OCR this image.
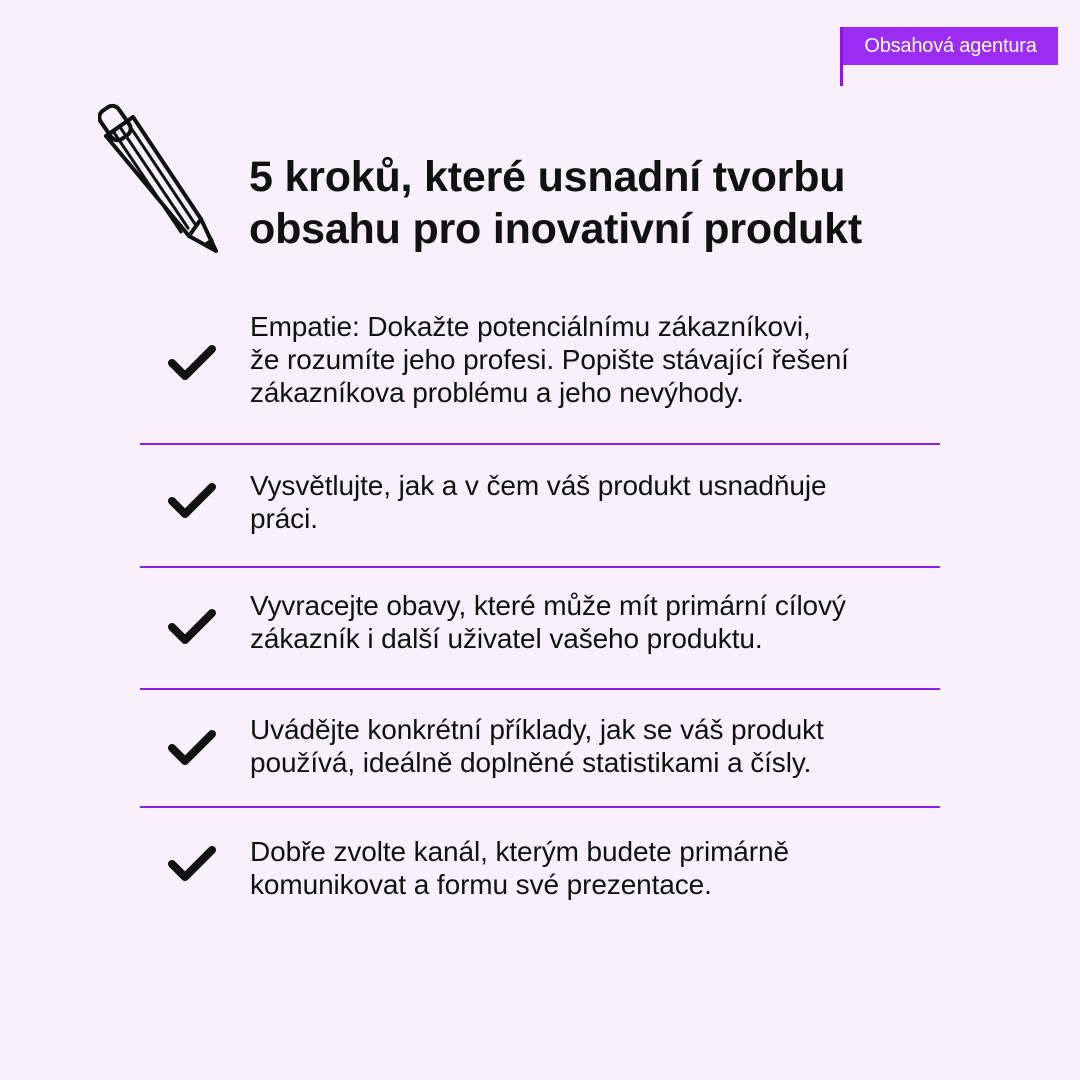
Obsahová agentura
5 kroků, které usnadní tvorbu
obsahu pro inovativní produkt

Empatie: Dokažte potenciálnímu zákazníkovi,
že rozumíte jeho profesi. Popište stávající řešení
zákazníkova problému a jeho nevýhody.

Vysvětlujte, jak a v čem váš produkt usnadňuje
práci.

Vyvracejte obavy, které může mít primární cílový
zákazník i další uživatel vašeho produktu.

Uvádějte konkrétní příklady, jak se váš produkt
používá, ideálně doplněné statistikami a čísly.

Dobře zvolte kanál, kterým budete primárně
komunikovat a formu své prezentace.
